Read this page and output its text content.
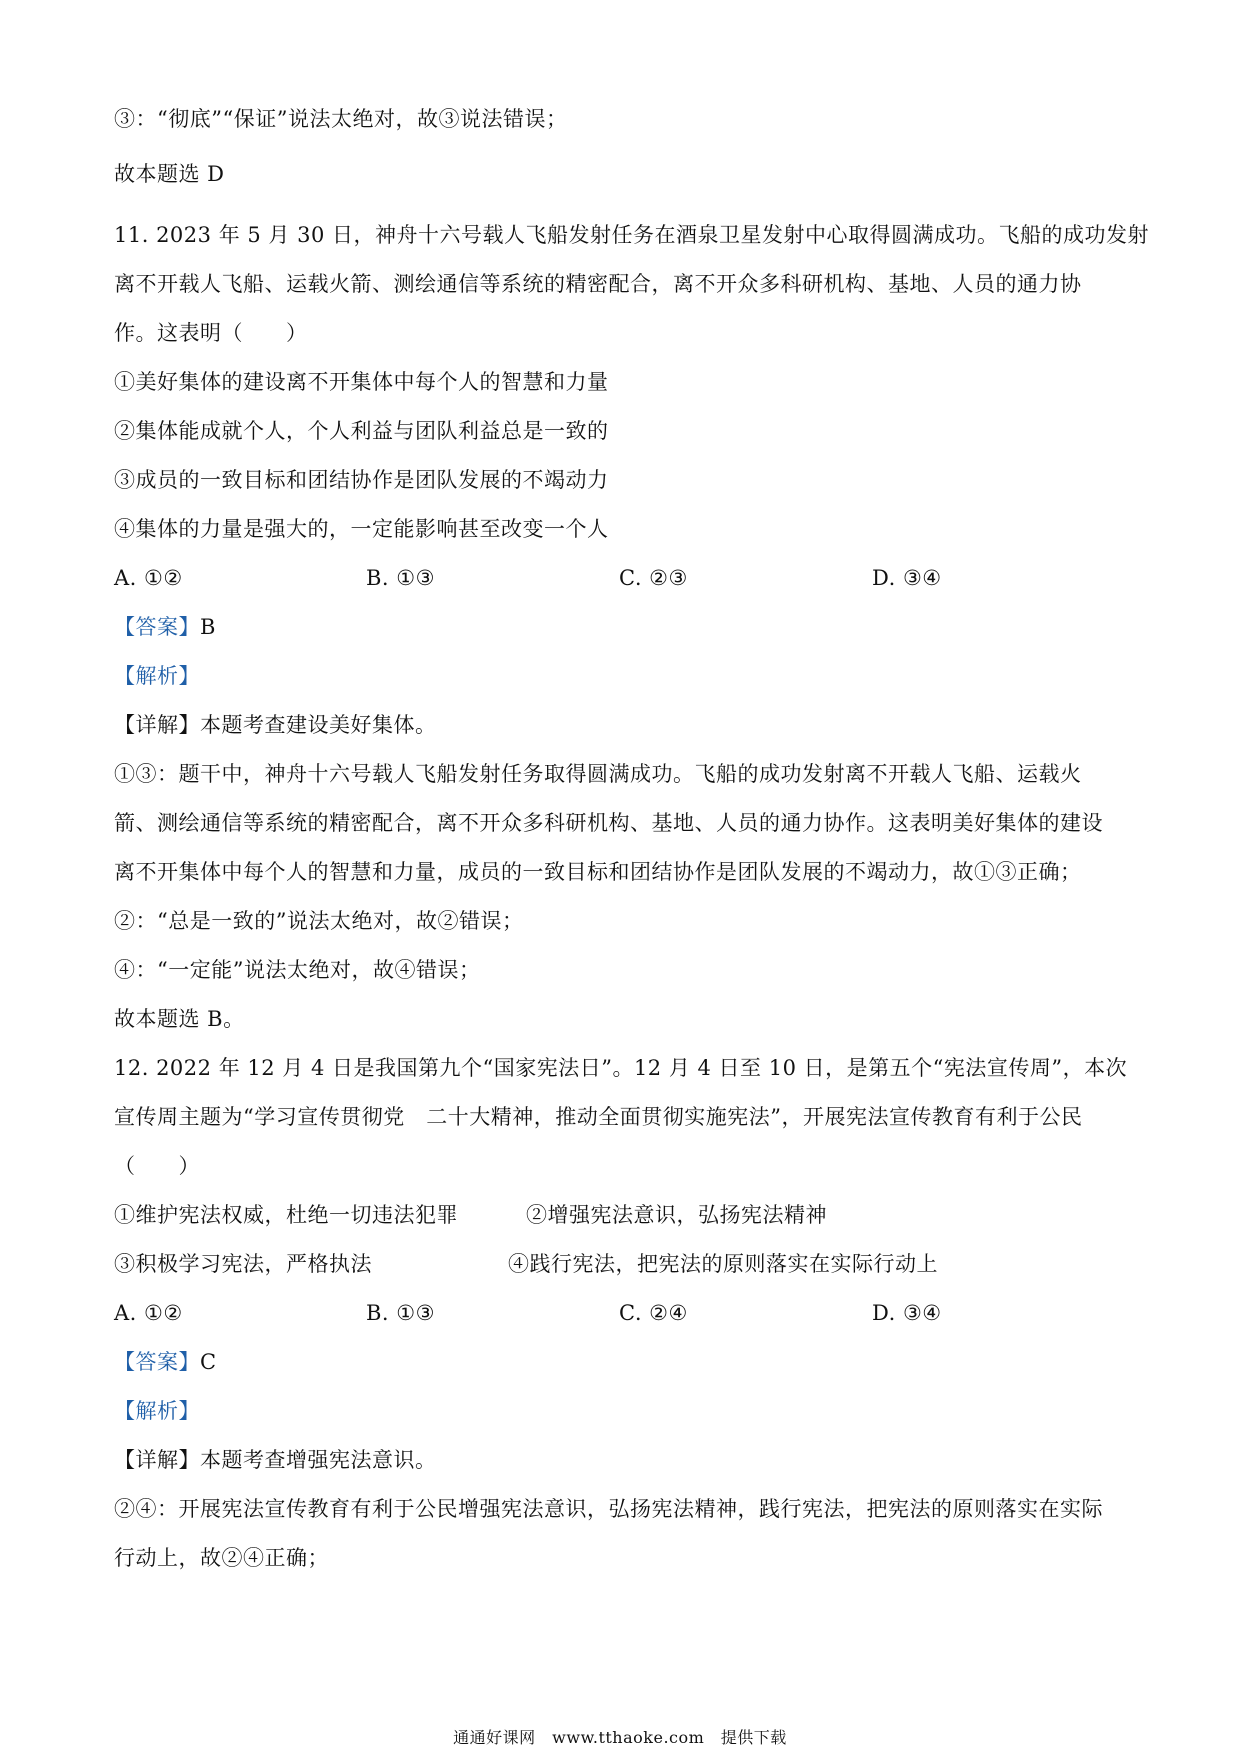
③：“彻底”“保证”说法太绝对，故③说法错误；
故本题选 D
11. 2023 年 5 月 30 日，神舟十六号载人飞船发射任务在酒泉卫星发射中心取得圆满成功。飞船的成功发射
离不开载人飞船、运载火箭、测绘通信等系统的精密配合，离不开众多科研机构、基地、人员的通力协
作。这表明（　　）
①美好集体的建设离不开集体中每个人的智慧和力量
②集体能成就个人，个人利益与团队利益总是一致的
③成员的一致目标和团结协作是团队发展的不竭动力
④集体的力量是强大的，一定能影响甚至改变一个人
A. ①②	B. ①③	C. ②③	D. ③④
【答案】B
【解析】
【详解】本题考查建设美好集体。
①③：题干中，神舟十六号载人飞船发射任务取得圆满成功。飞船的成功发射离不开载人飞船、运载火
箭、测绘通信等系统的精密配合，离不开众多科研机构、基地、人员的通力协作。这表明美好集体的建设
离不开集体中每个人的智慧和力量，成员的一致目标和团结协作是团队发展的不竭动力，故①③正确；
②：“总是一致的”说法太绝对，故②错误；
④：“一定能”说法太绝对，故④错误；
故本题选 B。
12. 2022 年 12 月 4 日是我国第九个“国家宪法日”。12 月 4 日至 10 日，是第五个“宪法宣传周”，本次
宣传周主题为“学习宣传贯彻党　二十大精神，推动全面贯彻实施宪法”，开展宪法宣传教育有利于公民
（　　）
①维护宪法权威，杜绝一切违法犯罪	②增强宪法意识，弘扬宪法精神
③积极学习宪法，严格执法	④践行宪法，把宪法的原则落实在实际行动上
A. ①②	B. ①③	C. ②④	D. ③④
【答案】C
【解析】
【详解】本题考查增强宪法意识。
②④：开展宪法宣传教育有利于公民增强宪法意识，弘扬宪法精神，践行宪法，把宪法的原则落实在实际
行动上，故②④正确；
通通好课网　www.tthaoke.com　提供下载
